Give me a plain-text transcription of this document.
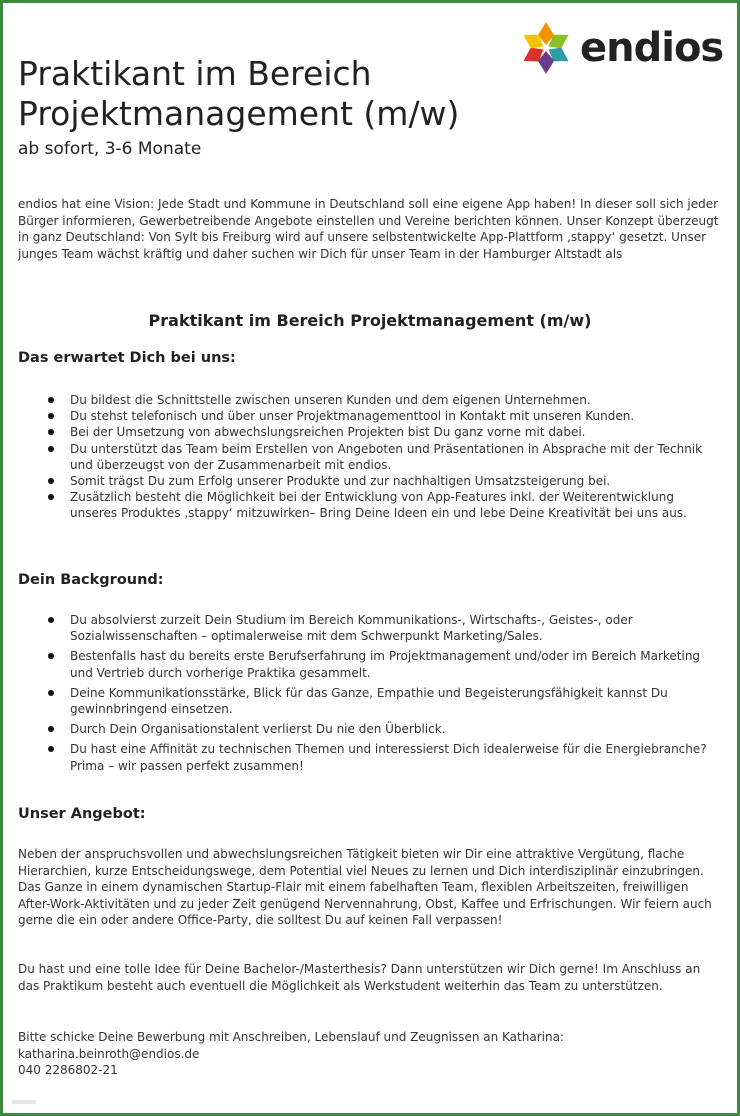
endios
Praktikant im Bereich Projektmanagement (m/w)
ab sofort, 3-6 Monate

endios hat eine Vision: Jede Stadt und Kommune in Deutschland soll eine eigene App haben! In dieser soll sich jeder Bürger informieren, Gewerbetreibende Angebote einstellen und Vereine berichten können. Unser Konzept überzeugt in ganz Deutschland: Von Sylt bis Freiburg wird auf unsere selbstentwickelte App-Plattform ‚stappy‘ gesetzt. Unser junges Team wächst kräftig und daher suchen wir Dich für unser Team in der Hamburger Altstadt als

Praktikant im Bereich Projektmanagement (m/w)
Das erwartet Dich bei uns:
Du bildest die Schnittstelle zwischen unseren Kunden und dem eigenen Unternehmen.
Du stehst telefonisch und über unser Projektmanagementtool in Kontakt mit unseren Kunden.
Bei der Umsetzung von abwechslungsreichen Projekten bist Du ganz vorne mit dabei.
Du unterstützt das Team beim Erstellen von Angeboten und Präsentationen in Absprache mit der Technik und überzeugst von der Zusammenarbeit mit endios.
Somit trägst Du zum Erfolg unserer Produkte und zur nachhaltigen Umsatzsteigerung bei.
Zusätzlich besteht die Möglichkeit bei der Entwicklung von App-Features inkl. der Weiterentwicklung unseres Produktes ‚stappy‘ mitzuwirken– Bring Deine Ideen ein und lebe Deine Kreativität bei uns aus.
Dein Background:
Du absolvierst zurzeit Dein Studium im Bereich Kommunikations-, Wirtschafts-, Geistes-, oder Sozialwissenschaften – optimalerweise mit dem Schwerpunkt Marketing/Sales.
Bestenfalls hast du bereits erste Berufserfahrung im Projektmanagement und/oder im Bereich Marketing und Vertrieb durch vorherige Praktika gesammelt.
Deine Kommunikationsstärke, Blick für das Ganze, Empathie und Begeisterungsfähigkeit kannst Du gewinnbringend einsetzen.
Durch Dein Organisationstalent verlierst Du nie den Überblick.
Du hast eine Affinität zu technischen Themen und interessierst Dich idealerweise für die Energiebranche? Prima – wir passen perfekt zusammen!
Unser Angebot:

Neben der anspruchsvollen und abwechslungsreichen Tätigkeit bieten wir Dir eine attraktive Vergütung, flache Hierarchien, kurze Entscheidungswege, dem Potential viel Neues zu lernen und Dich interdisziplinär einzubringen. Das Ganze in einem dynamischen Startup-Flair mit einem fabelhaften Team, flexiblen Arbeitszeiten, freiwilligen After-Work-Aktivitäten und zu jeder Zeit genügend Nervennahrung, Obst, Kaffee und Erfrischungen. Wir feiern auch gerne die ein oder andere Office-Party, die solltest Du auf keinen Fall verpassen!

Du hast und eine tolle Idee für Deine Bachelor-/Masterthesis? Dann unterstützen wir Dich gerne! Im Anschluss an das Praktikum besteht auch eventuell die Möglichkeit als Werkstudent weiterhin das Team zu unterstützen.

Bitte schicke Deine Bewerbung mit Anschreiben, Lebenslauf und Zeugnissen an Katharina:
katharina.beinroth@endios.de
040 2286802-21
